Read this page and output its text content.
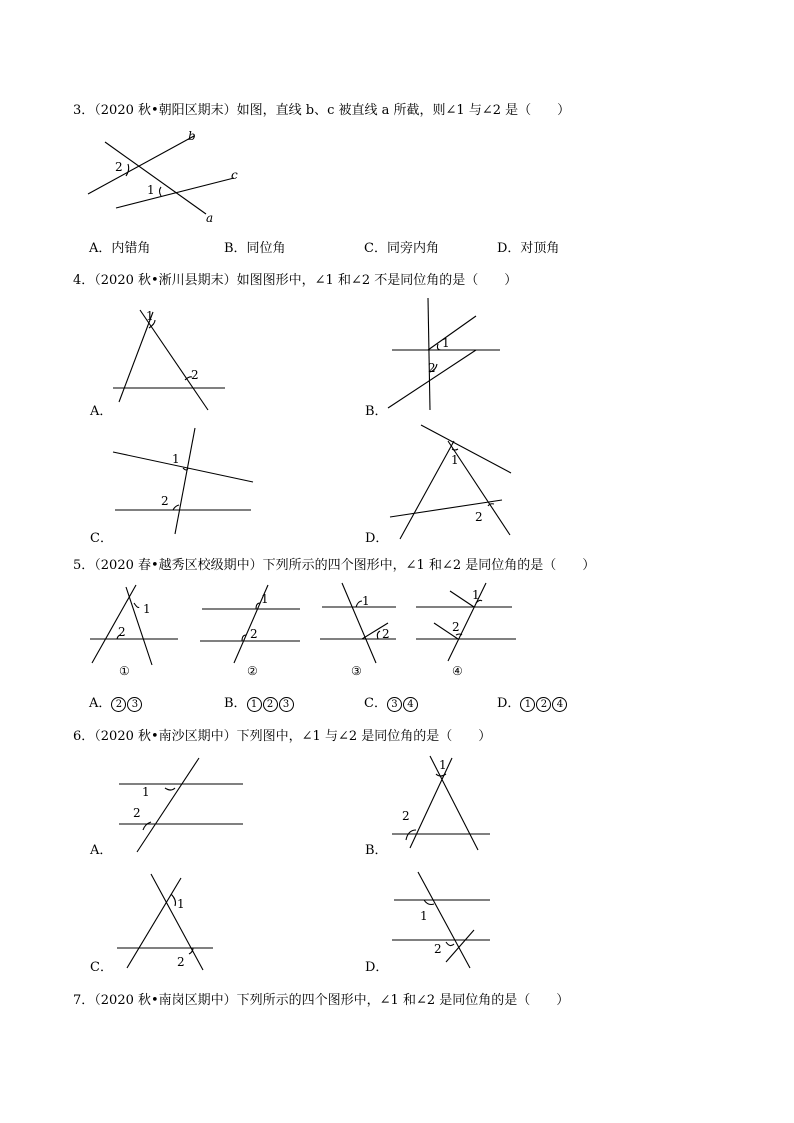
3．（2020 秋•朝阳区期末）如图，直线 b、c 被直线 a 所截，则∠1 与∠2 是（　　）
b
c
a
1
2
A．内错角	B．同位角	C．同旁内角	D．对顶角
4．（2020 秋•淅川县期末）如图图形中，∠1 和∠2 不是同位角的是（　　）
1
2
A．
1
2
B．
1
2
C．
1
2
D．
5．（2020 春•越秀区校级期中）下列所示的四个图形中，∠1 和∠2 是同位角的是（　　）
1
2
①
1
2
②
1
2
③
1
2
④
A． 2 3	B． 1 2 3	C． 3 4	D． 1 2 4
6．（2020 秋•南沙区期中）下列图中，∠1 与∠2 是同位角的是（　　）
1
2
A．
1
2
B．
1
2
C．
1
2
D．
7．（2020 秋•南岗区期中）下列所示的四个图形中，∠1 和∠2 是同位角的是（　　）
